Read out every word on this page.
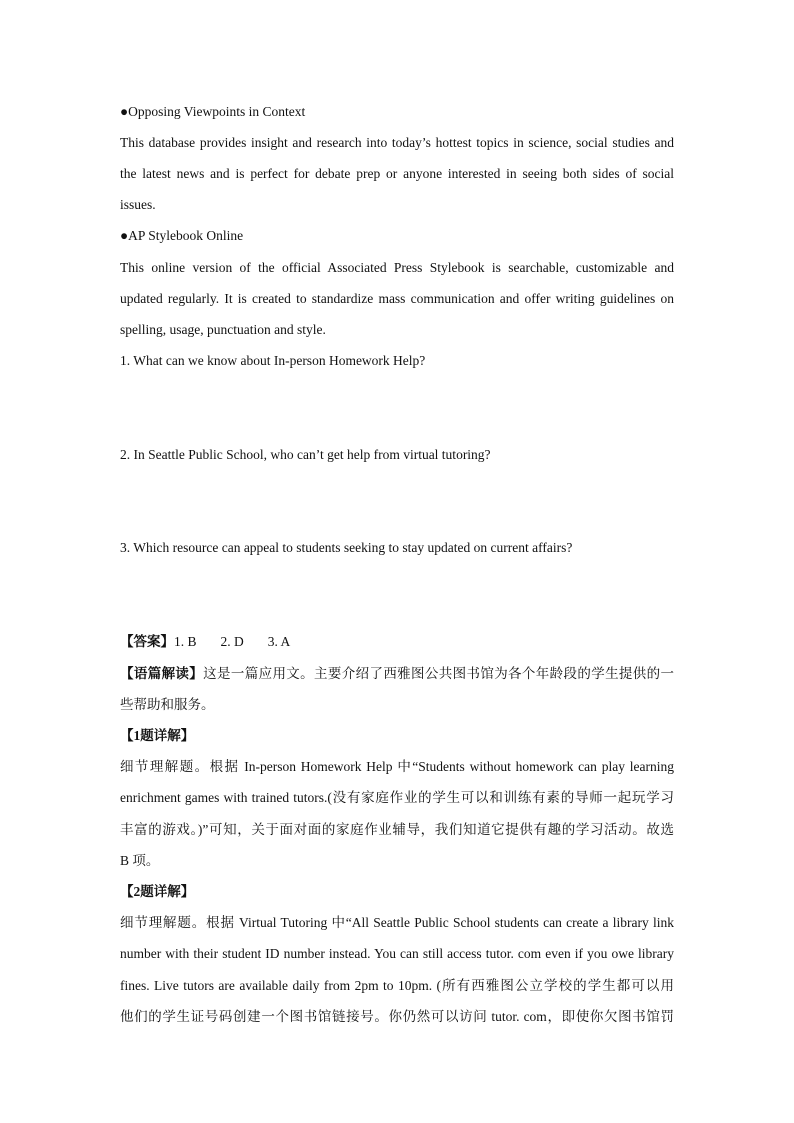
●Opposing Viewpoints in Context
This database provides insight and research into today’s hottest topics in science, social studies and
the latest news and is perfect for debate prep or anyone interested in seeing both sides of social
issues.
●AP Stylebook Online
This online version of the official Associated Press Stylebook is searchable, customizable and
updated regularly. It is created to standardize mass communication and offer writing guidelines on
spelling, usage, punctuation and style.
1. What can we know about In-person Homework Help?
2. In Seattle Public School, who can’t get help from virtual tutoring?
3. Which resource can appeal to students seeking to stay updated on current affairs?
【答案】1. B 2. D 3. A
【语篇解读】这是一篇应用文。主要介绍了西雅图公共图书馆为各个年龄段的学生提供的一
些帮助和服务。
【1题详解】
细节理解题。根据 In-person Homework Help 中“Students without homework can play learning
enrichment games with trained tutors.(没有家庭作业的学生可以和训练有素的导师一起玩学习
丰富的游戏。)”可知，关于面对面的家庭作业辅导，我们知道它提供有趣的学习活动。故选
B 项。
【2题详解】
细节理解题。根据 Virtual Tutoring 中“All Seattle Public School students can create a library link
number with their student ID number instead. You can still access tutor. com even if you owe library
fines. Live tutors are available daily from 2pm to 10pm. (所有西雅图公立学校的学生都可以用
他们的学生证号码创建一个图书馆链接号。你仍然可以访问 tutor. com，即使你欠图书馆罚
